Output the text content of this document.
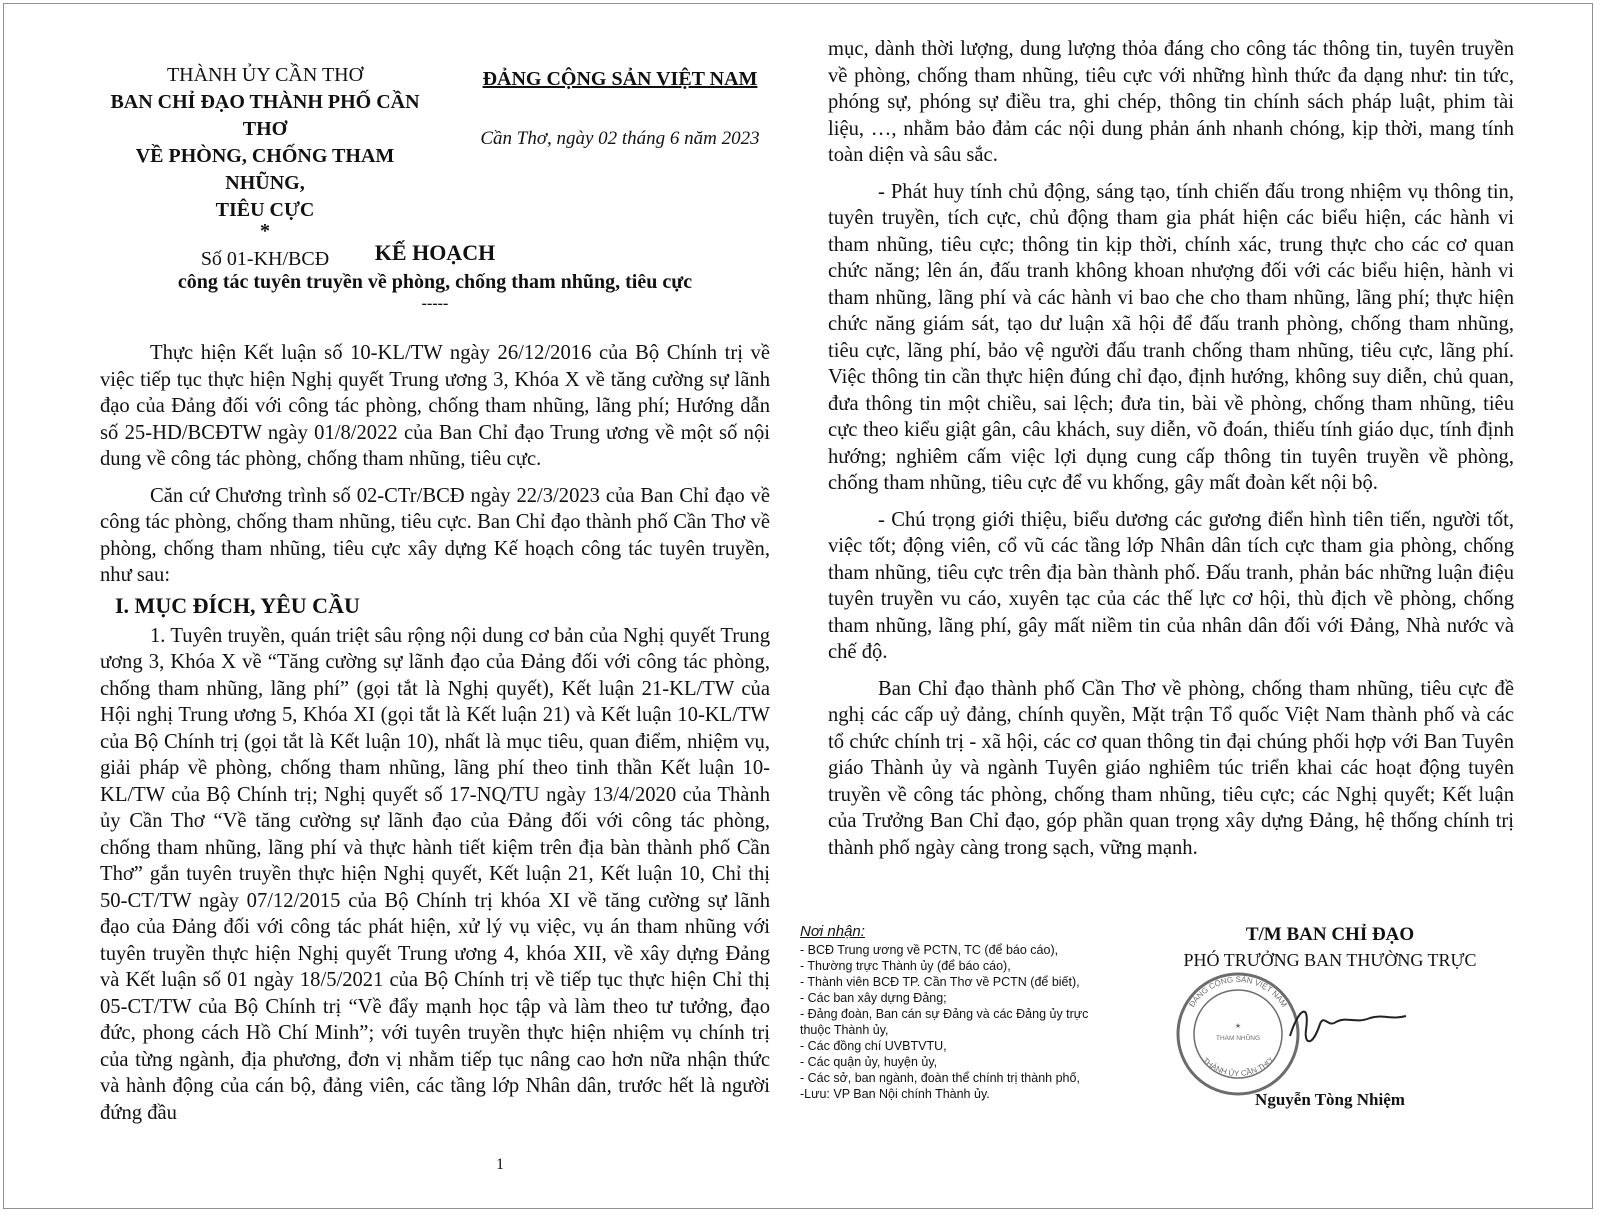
THÀNH ỦY CẦN THƠ
BAN CHỈ ĐẠO THÀNH PHỐ CẦN THƠ
VỀ PHÒNG, CHỐNG THAM NHŨNG,
TIÊU CỰC
*
Số 01-KH/BCĐ
ĐẢNG CỘNG SẢN VIỆT NAM
Cần Thơ, ngày 02 tháng 6 năm 2023
KẾ HOẠCH
công tác tuyên truyền về phòng, chống tham nhũng, tiêu cực
-----

Thực hiện Kết luận số 10-KL/TW ngày 26/12/2016 của Bộ Chính trị về việc tiếp tục thực hiện Nghị quyết Trung ương 3, Khóa X về tăng cường sự lãnh đạo của Đảng đối với công tác phòng, chống tham nhũng, lãng phí; Hướng dẫn số 25-HD/BCĐTW ngày 01/8/2022 của Ban Chỉ đạo Trung ương về một số nội dung về công tác phòng, chống tham nhũng, tiêu cực.

Căn cứ Chương trình số 02-CTr/BCĐ ngày 22/3/2023 của Ban Chỉ đạo về công tác phòng, chống tham nhũng, tiêu cực. Ban Chỉ đạo thành phố Cần Thơ về phòng, chống tham nhũng, tiêu cực xây dựng Kế hoạch công tác tuyên truyền, như sau:

I. MỤC ĐÍCH, YÊU CẦU

1. Tuyên truyền, quán triệt sâu rộng nội dung cơ bản của Nghị quyết Trung ương 3, Khóa X về “Tăng cường sự lãnh đạo của Đảng đối với công tác phòng, chống tham nhũng, lãng phí” (gọi tắt là Nghị quyết), Kết luận 21-KL/TW của Hội nghị Trung ương 5, Khóa XI (gọi tắt là Kết luận 21) và Kết luận 10-KL/TW của Bộ Chính trị (gọi tắt là Kết luận 10), nhất là mục tiêu, quan điểm, nhiệm vụ, giải pháp về phòng, chống tham nhũng, lãng phí theo tinh thần Kết luận 10-KL/TW của Bộ Chính trị; Nghị quyết số 17-NQ/TU ngày 13/4/2020 của Thành ủy Cần Thơ “Về tăng cường sự lãnh đạo của Đảng đối với công tác phòng, chống tham nhũng, lãng phí và thực hành tiết kiệm trên địa bàn thành phố Cần Thơ” gắn tuyên truyền thực hiện Nghị quyết, Kết luận 21, Kết luận 10, Chỉ thị 50-CT/TW ngày 07/12/2015 của Bộ Chính trị khóa XI về tăng cường sự lãnh đạo của Đảng đối với công tác phát hiện, xử lý vụ việc, vụ án tham nhũng với tuyên truyền thực hiện Nghị quyết Trung ương 4, khóa XII, về xây dựng Đảng và Kết luận số 01 ngày 18/5/2021 của Bộ Chính trị về tiếp tục thực hiện Chỉ thị 05-CT/TW của Bộ Chính trị “Về đẩy mạnh học tập và làm theo tư tưởng, đạo đức, phong cách Hồ Chí Minh”; với tuyên truyền thực hiện nhiệm vụ chính trị của từng ngành, địa phương, đơn vị nhằm tiếp tục nâng cao hơn nữa nhận thức và hành động của cán bộ, đảng viên, các tầng lớp Nhân dân, trước hết là người đứng đầu

1

mục, dành thời lượng, dung lượng thỏa đáng cho công tác thông tin, tuyên truyền về phòng, chống tham nhũng, tiêu cực với những hình thức đa dạng như: tin tức, phóng sự, phóng sự điều tra, ghi chép, thông tin chính sách pháp luật, phim tài liệu, …, nhằm bảo đảm các nội dung phản ánh nhanh chóng, kịp thời, mang tính toàn diện và sâu sắc.

- Phát huy tính chủ động, sáng tạo, tính chiến đấu trong nhiệm vụ thông tin, tuyên truyền, tích cực, chủ động tham gia phát hiện các biểu hiện, các hành vi tham nhũng, tiêu cực; thông tin kịp thời, chính xác, trung thực cho các cơ quan chức năng; lên án, đấu tranh không khoan nhượng đối với các biểu hiện, hành vi tham nhũng, lãng phí và các hành vi bao che cho tham nhũng, lãng phí; thực hiện chức năng giám sát, tạo dư luận xã hội để đấu tranh phòng, chống tham nhũng, tiêu cực, lãng phí, bảo vệ người đấu tranh chống tham nhũng, tiêu cực, lãng phí. Việc thông tin cần thực hiện đúng chỉ đạo, định hướng, không suy diễn, chủ quan, đưa thông tin một chiều, sai lệch; đưa tin, bài về phòng, chống tham nhũng, tiêu cực theo kiểu giật gân, câu khách, suy diễn, võ đoán, thiếu tính giáo dục, tính định hướng; nghiêm cấm việc lợi dụng cung cấp thông tin tuyên truyền về phòng, chống tham nhũng, tiêu cực để vu khống, gây mất đoàn kết nội bộ.

- Chú trọng giới thiệu, biểu dương các gương điển hình tiên tiến, người tốt, việc tốt; động viên, cổ vũ các tầng lớp Nhân dân tích cực tham gia phòng, chống tham nhũng, tiêu cực trên địa bàn thành phố. Đấu tranh, phản bác những luận điệu tuyên truyền vu cáo, xuyên tạc của các thế lực cơ hội, thù địch về phòng, chống tham nhũng, lãng phí, gây mất niềm tin của nhân dân đối với Đảng, Nhà nước và chế độ.

Ban Chỉ đạo thành phố Cần Thơ về phòng, chống tham nhũng, tiêu cực đề nghị các cấp uỷ đảng, chính quyền, Mặt trận Tổ quốc Việt Nam thành phố và các tổ chức chính trị - xã hội, các cơ quan thông tin đại chúng phối hợp với Ban Tuyên giáo Thành ủy và ngành Tuyên giáo nghiêm túc triển khai các hoạt động tuyên truyền về công tác phòng, chống tham nhũng, tiêu cực; các Nghị quyết; Kết luận của Trưởng Ban Chỉ đạo, góp phần quan trọng xây dựng Đảng, hệ thống chính trị thành phố ngày càng trong sạch, vững mạnh.

Nơi nhận:
- BCĐ Trung ương về PCTN, TC (để báo cáo),
- Thường trực Thành ủy (để báo cáo),
- Thành viên BCĐ TP. Cần Thơ về PCTN (để biết),
- Các ban xây dựng Đảng;
- Đảng đoàn, Ban cán sự Đảng và các Đảng ủy trực
thuộc Thành ủy,
- Các đồng chí UVBTVTU,
- Các quận ủy, huyện ủy,
- Các sở, ban ngành, đoàn thể chính trị thành phố,
-Lưu: VP Ban Nội chính Thành ủy.
T/M BAN CHỈ ĐẠO
PHÓ TRƯỞNG BAN THƯỜNG TRỰC
ĐẢNG CỘNG SẢN VIỆT NAM
THÀNH ỦY CẦN THƠ
★
THAM NHŨNG
Nguyễn Tòng Nhiệm
